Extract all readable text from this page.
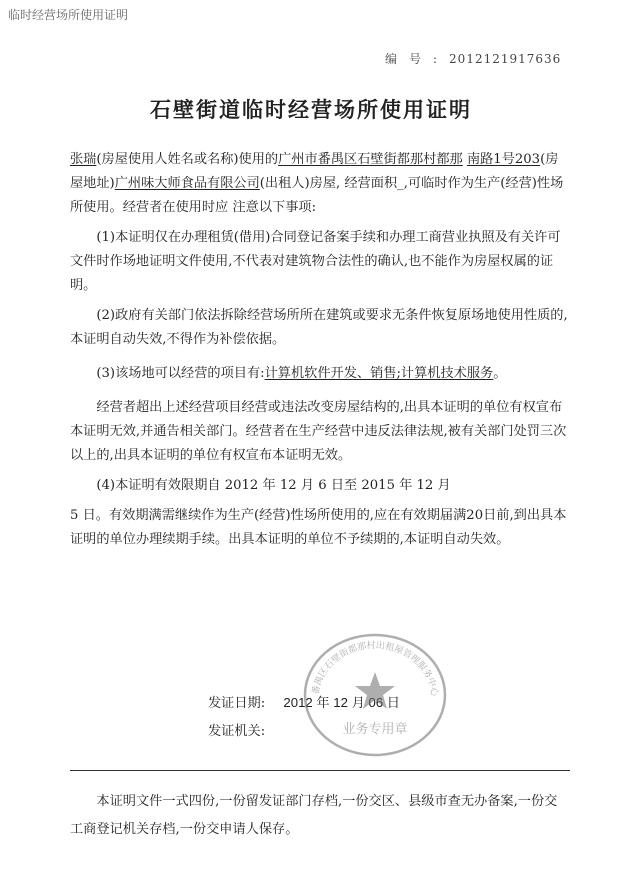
临时经营场所使用证明
编号:2012121917636
石壁街道临时经营场所使用证明

张瑞(房屋使用人姓名或名称)使用的广州市番禺区石壁街都那村都那 南路1号203(房屋地址)广州味大师食品有限公司(出租人)房屋, 经营面积_,可临时作为生产(经营)性场所使用。经营者在使用时应 注意以下事项:

(1)本证明仅在办理租赁(借用)合同登记备案手续和办理工商营业执照及有关许可文件时作场地证明文件使用,不代表对建筑物合法性的确认,也不能作为房屋权属的证明。

(2)政府有关部门依法拆除经营场所所在建筑或要求无条件恢复原场地使用性质的,本证明自动失效,不得作为补偿依据。

(3)该场地可以经营的项目有:计算机软件开发、销售;计算机技术服务。

经营者超出上述经营项目经营或违法改变房屋结构的,出具本证明的单位有权宣布本证明无效,并通告相关部门。经营者在生产经营中违反法律法规,被有关部门处罚三次以上的,出具本证明的单位有权宣布本证明无效。

(4)本证明有效限期自 2012 年 12 月 6 日至 2015 年 12 月

5 日。有效期满需继续作为生产(经营)性场所使用的,应在有效期届满20日前,到出具本证明的单位办理续期手续。出具本证明的单位不予续期的,本证明自动失效。

发证日期: 2012 年 12 月 06 日
发证机关:
番禺区石壁街都那村出租屋管理服务中心
业务专用章

本证明文件一式四份,一份留发证部门存档,一份交区、县级市查无办备案,一份交工商登记机关存档,一份交申请人保存。
